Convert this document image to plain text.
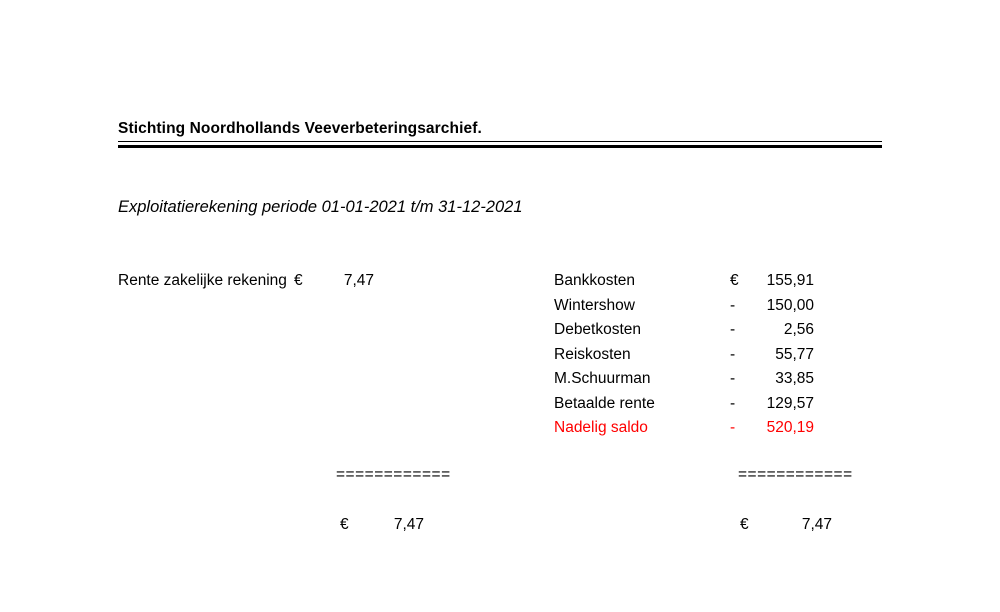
Stichting Noordhollands Veeverbeteringsarchief.
Exploitatierekening periode 01-01-2021 t/m 31-12-2021
Rente zakelijke rekening €	7,47	Bankkosten	€	155,91
Wintershow	-	150,00
Debetkosten	-	2,56
Reiskosten	-	55,77
M.Schuurman	-	33,85
Betaalde rente	-	129,57
Nadelig saldo	-	520,19
============	============
€	7,47	€	7,47
